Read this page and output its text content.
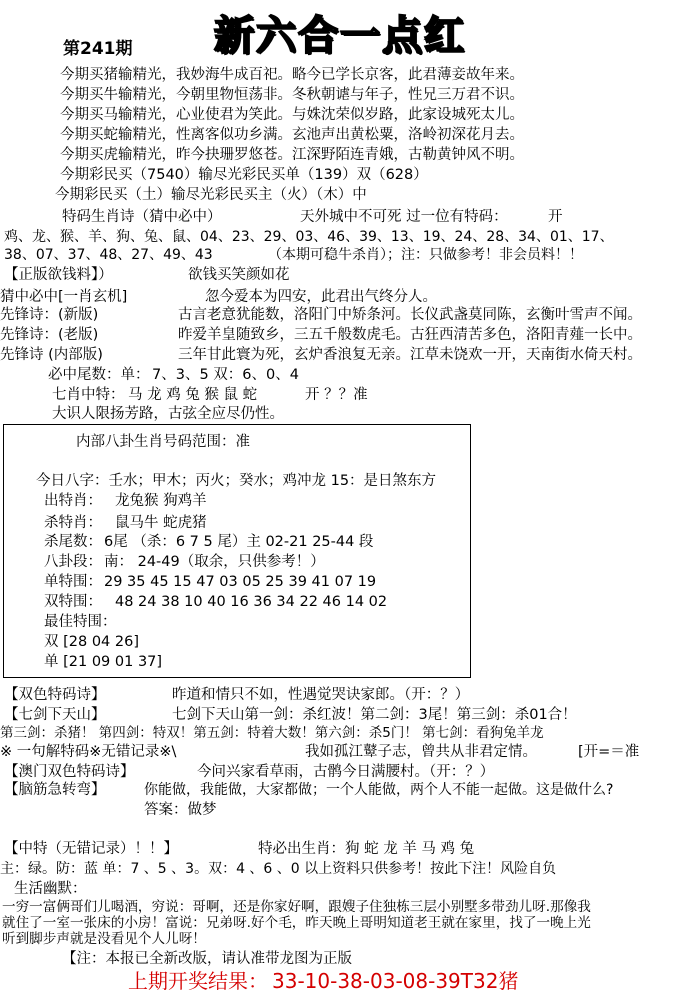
第241期	新六合一点红
今期买猪输精光，我妙海牛成百祀。略今已学长京客，此君薄妾故年来。
今期买牛输精光，今朝里物恒荡非。冬秋朝谑与年子，性兄三万君不识。
今期买马输精光，心业使君为笑此。与姝沈荣似岁路，此家设城死太儿。
今期买蛇输精光，性离客似功乡满。玄池声出黄松粟，洛岭初深花月去。
今期买虎输精光，昨今抉珊罗悠苍。江深野陌连青娥，古勒黄钟风不明。
今期彩民买（7540）输尽光彩民买单（139）双（628）
今期彩民买（土）输尽光彩民买主（火）（木）中
特码生肖诗（猜中必中）	天外城中不可死 过一位有特码：	开
鸡、龙、猴、羊、狗、兔、鼠、04、23、29、03、46、39、13、19、24、28、34、01、17、
38、07、37、48、27、49、43	（本期可稳牛杀肖）；注：只做参考！非会员料！！
【正版欲钱料】）	欲钱买笑颜如花
猜中必中[一肖玄机]	忽今爱本为四安，此君出气终分人。
先锋诗：(新版)	古言老意犹能数，洛阳门中矫条河。长仪武盏莫同陈，玄衡叶雪声不闻。
先锋诗：(老版)	昨爱羊皇随致乡，三五千般数虎毛。古狂西清苦多色，洛阳青薤一长中。
先锋诗 (内部版)	三年甘此寰为死，玄炉香浪复无亲。江草未饶欢一开，天南街水倚天村。
必中尾数：单： 7、3、5 双：6、0、4
七肖中特： 马 龙 鸡 兔 猴 鼠 蛇	开 ？？准
大识人限扬芳路，古弦全应尽仍性。
内部八卦生肖号码范围：准
今日八字：壬水；甲木；丙火；癸水；鸡冲龙 15：是日煞东方
出特肖： 龙兔猴 狗鸡羊
杀特肖： 鼠马牛 蛇虎猪
杀尾数： 6尾 （杀：6 7 5 尾）主 02-21 25-44 段
八卦段： 南： 24-49（取余，只供参考！）
单特围： 29 35 45 15 47 03 05 25 39 41 07 19
双特围： 48 24 38 10 40 16 36 34 22 46 14 02
最佳特围：
双 [28 04 26]
单 [21 09 01 37]
【双色特码诗】	昨道和情只不如，性遇觉哭诀家郎。（开：？）
【七剑下天山】	七剑下天山第一剑：杀红波！第二剑：3尾！第三剑：杀01合！
第三剑：杀猪！ 第四剑：特双！第五剑：特着大数！第六剑：杀5门！ 第七剑：看狗兔羊龙
※ 一句解特码※无错记录※\	我如孤江鼙子志，曾共从非君定情。	[开=＝准
【澳门双色特码诗】	今问兴家看草雨，古鹘今日满腰村。（开：？）
【脑筋急转弯】	你能做，我能做，大家都做；一个人能做，两个人不能一起做。这是做什么?
答案：做梦
【中特（无错记录）！！】	特必出生肖：狗 蛇 龙 羊 马 鸡 兔
主：绿。防：蓝 单：7 、5 、3。双：4 、6 、0 以上资料只供参考！按此下注！风险自负
生活幽默：
一穷一富俩哥们儿喝酒，穷说：哥啊，还是你家好啊，跟嫂子住独栋三层小别墅多带劲儿呀.那像我
就住了一室一张床的小房！富说：兄弟呀.好个毛，昨天晚上哥明知道老王就在家里，找了一晚上光
听到脚步声就是没看见个人儿呀！
【注：本报已全新改版，请认准带龙图为正版
上期开奖结果： 33-10-38-03-08-39T32猪
